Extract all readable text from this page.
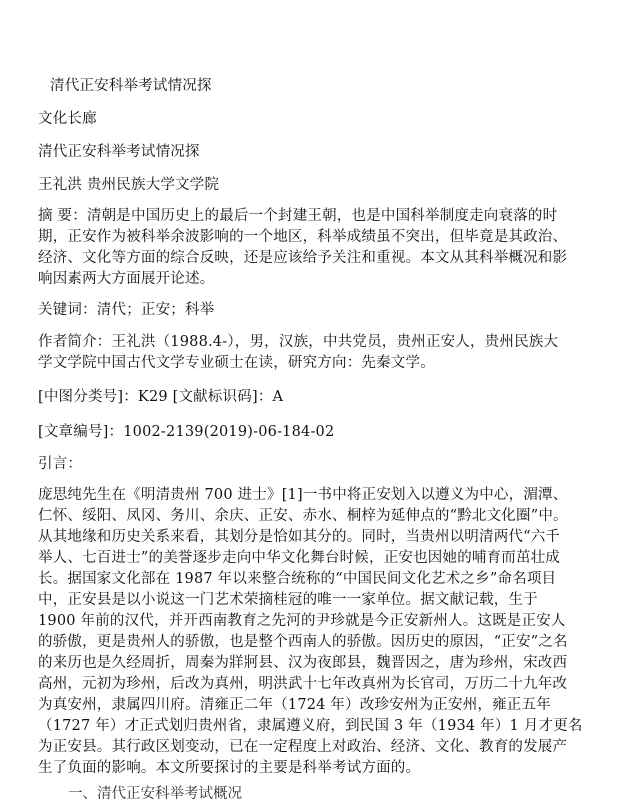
清代正安科举考试情况探
文化长廊
清代正安科举考试情况探
王礼洪 贵州民族大学文学院
摘 要：清朝是中国历史上的最后一个封建王朝，也是中国科举制度走向衰落的时
期，正安作为被科举余波影响的一个地区，科举成绩虽不突出，但毕竟是其政治、
经济、文化等方面的综合反映，还是应该给予关注和重视。本文从其科举概况和影
响因素两大方面展开论述。
关键词：清代；正安；科举
作者简介：王礼洪（1988.4-），男，汉族，中共党员，贵州正安人，贵州民族大
学文学院中国古代文学专业硕士在读，研究方向：先秦文学。
[中图分类号]：K29 [文献标识码]：A
[文章编号]：1002-2139(2019)-06-184-02
引言：
庞思纯先生在《明清贵州 700 进士》[1]一书中将正安划入以遵义为中心，湄潭、
仁怀、绥阳、凤冈、务川、余庆、正安、赤水、桐梓为延伸点的“黔北文化圈”中。
从其地缘和历史关系来看，其划分是恰如其分的。同时，当贵州以明清两代“六千
举人、七百进士”的美誉逐步走向中华文化舞台时候，正安也因她的哺育而茁壮成
长。据国家文化部在 1987 年以来整合统称的“中国民间文化艺术之乡”命名项目
中，正安县是以小说这一门艺术荣摘桂冠的唯一一家单位。据文献记载，生于
1900 年前的汉代，并开西南教育之先河的尹珍就是今正安新州人。这既是正安人
的骄傲，更是贵州人的骄傲，也是整个西南人的骄傲。因历史的原因，“正安”之名
的来历也是久经周折，周秦为牂牁县、汉为夜郎县，魏晋因之，唐为珍州，宋改西
高州，元初为珍州，后改为真州，明洪武十七年改真州为长官司，万历二十九年改
为真安州，隶属四川府。清雍正二年（1724 年）改珍安州为正安州，雍正五年
（1727 年）才正式划归贵州省，隶属遵义府，到民国 3 年（1934 年）1 月才更名
为正安县。其行政区划变动，已在一定程度上对政治、经济、文化、教育的发展产
生了负面的影响。本文所要探讨的主要是科举考试方面的。
一、清代正安科举考试概况
